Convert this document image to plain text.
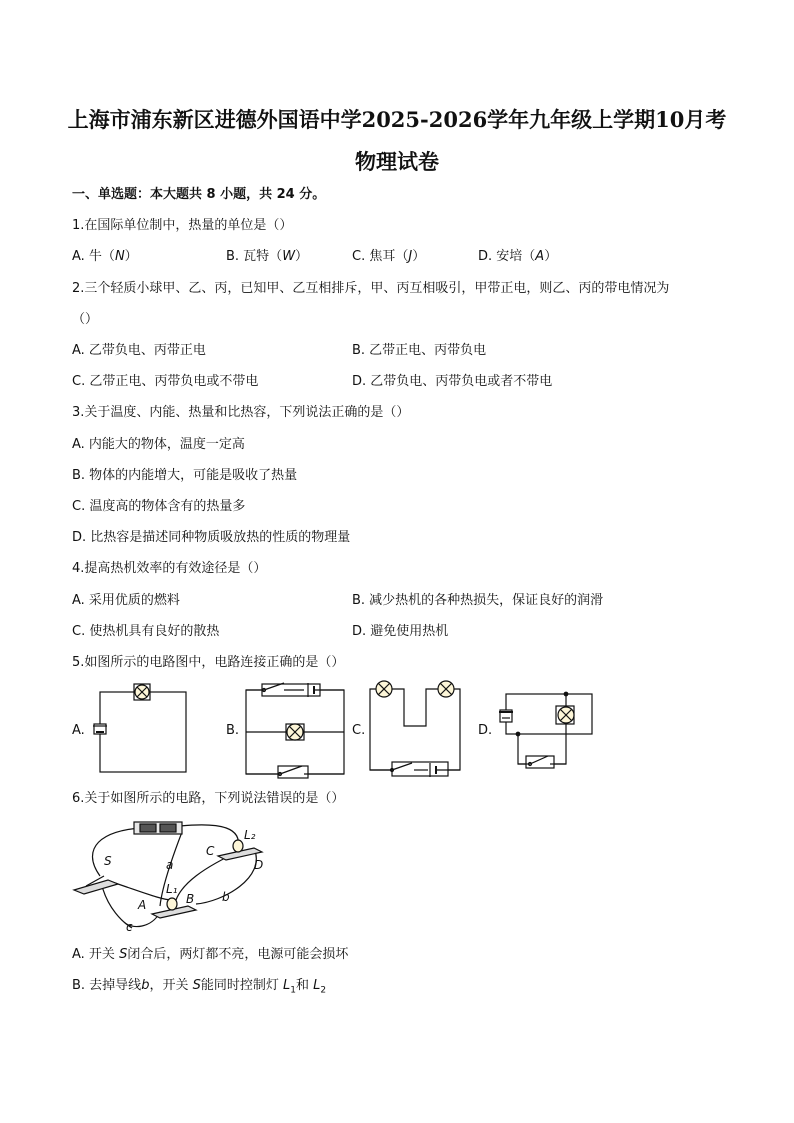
上海市浦东新区进德外国语中学2025-2026学年九年级上学期10月考
物理试卷
一、单选题：本大题共 8 小题，共 24 分。
1.在国际单位制中，热量的单位是（）
A. 牛（N）	B. 瓦特（W）	C. 焦耳（J）	D. 安培（A）
2.三个轻质小球甲、乙、丙，已知甲、乙互相排斥，甲、丙互相吸引，甲带正电，则乙、丙的带电情况为
（）
A. 乙带负电、丙带正电	B. 乙带正电、丙带负电
C. 乙带正电、丙带负电或不带电	D. 乙带负电、丙带负电或者不带电
3.关于温度、内能、热量和比热容，下列说法正确的是（）
A. 内能大的物体，温度一定高
B. 物体的内能增大，可能是吸收了热量
C. 温度高的物体含有的热量多
D. 比热容是描述同种物质吸放热的性质的物理量
4.提高热机效率的有效途径是（）
A. 采用优质的燃料	B. 减少热机的各种热损失，保证良好的润滑
C. 使热机具有良好的散热	D. 避免使用热机
5.如图所示的电路图中，电路连接正确的是（）
A.	B.	C.	D.
6.关于如图所示的电路，下列说法错误的是（）
S
L₂
L₁
C
D
A	B
a
b
c
A. 开关 S闭合后，两灯都不亮，电源可能会损坏
B. 去掉导线b，开关 S能同时控制灯 $L_1$和 $L_2$
